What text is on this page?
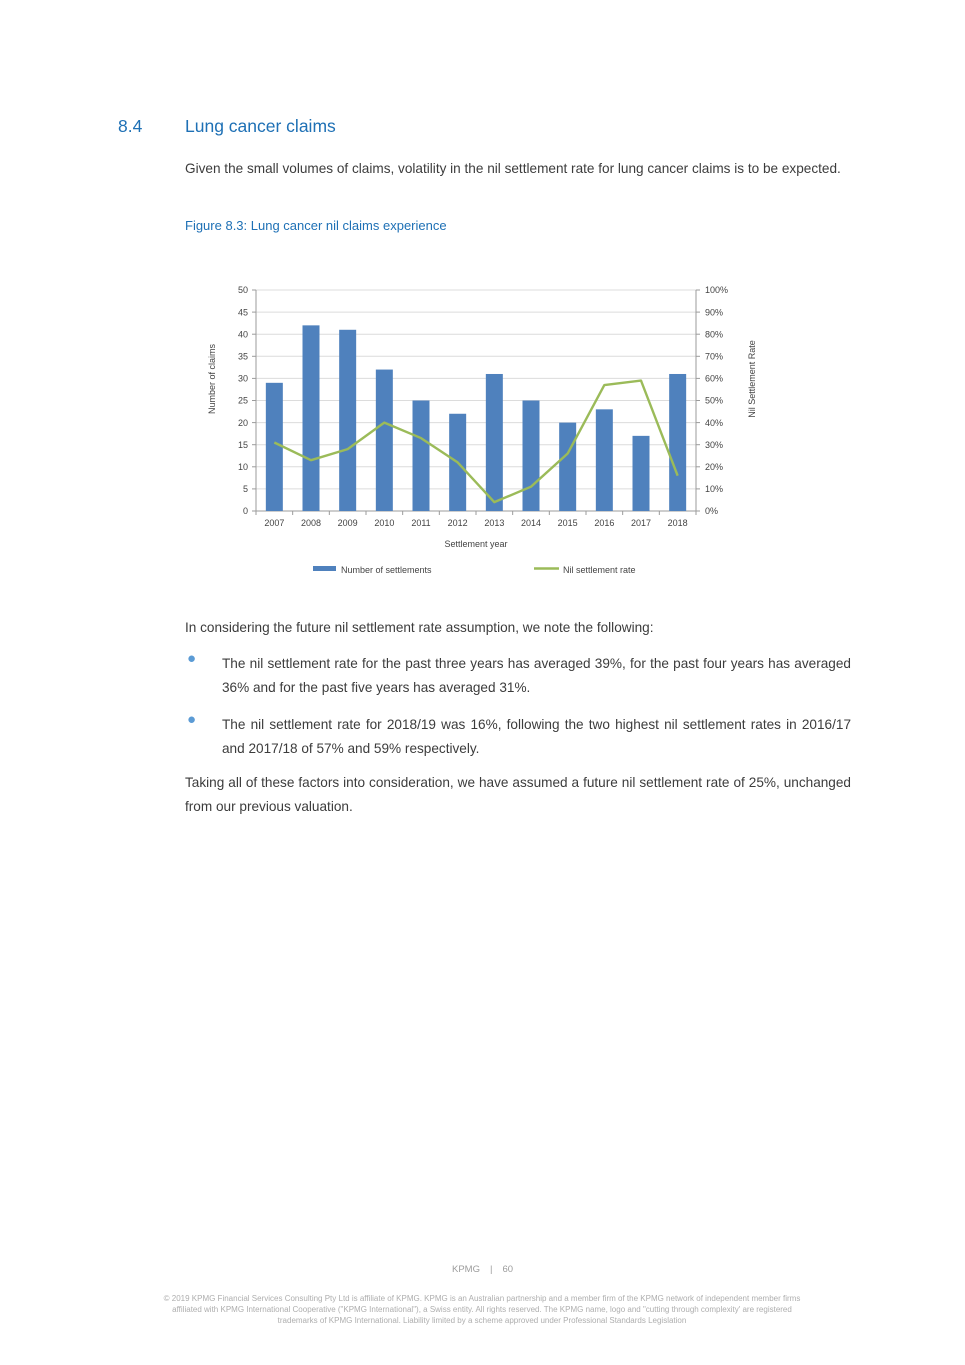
8.4 Lung cancer claims
Given the small volumes of claims, volatility in the nil settlement rate for lung cancer claims is to be expected.
Figure 8.3: Lung cancer nil claims experience
0
5
10
15
20
25
30
35
40
45
50
0%
10%
20%
30%
40%
50%
60%
70%
80%
90%
100%
2007 2008 2009 2010 2011 2012 2013 2014 2015 2016 2017 2018
Number of claims	Nil Settlement Rate
Settlement year
Number of settlements	Nil settlement rate
In considering the future nil settlement rate assumption, we note the following:
● The nil settlement rate for the past three years has averaged 39%, for the past four years has averaged 36% and for the past five years has averaged 31%.
● The nil settlement rate for 2018/19 was 16%, following the two highest nil settlement rates in 2016/17 and 2017/18 of 57% and 59% respectively.
Taking all of these factors into consideration, we have assumed a future nil settlement rate of 25%, unchanged from our previous valuation.
KPMG | 60
© 2019 KPMG Financial Services Consulting Pty Ltd is affiliate of KPMG. KPMG is an Australian partnership and a member firm of the KPMG network of independent member firms
affiliated with KPMG International Cooperative ("KPMG International"), a Swiss entity. All rights reserved. The KPMG name, logo and "cutting through complexity' are registered
trademarks of KPMG International. Liability limited by a scheme approved under Professional Standards Legislation
